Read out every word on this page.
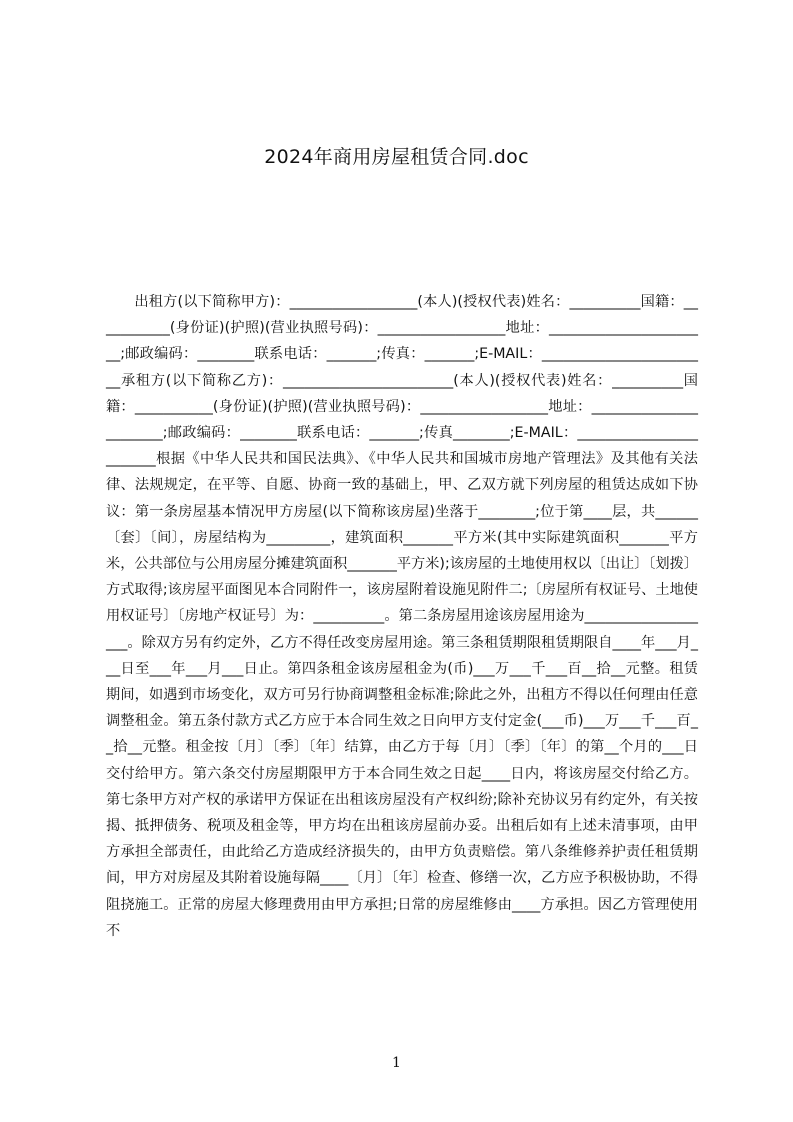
2024年商用房屋租赁合同.doc

出租方(以下简称甲方)：__________________(本人)(授权代表)姓名：__________国籍：___________(身份证)(护照)(营业执照号码)：__________________地址：_______________________;邮政编码：________联系电话：_______;传真：_______;E-MAIL：________________________承租方(以下简称乙方)：________________________(本人)(授权代表)姓名：__________国籍：___________(身份证)(护照)(营业执照号码)：__________________地址：_______________________;邮政编码：________联系电话：_______;传真________;E-MAIL：________________________根据《中华人民共和国民法典》、《中华人民共和国城市房地产管理法》及其他有关法律、法规规定，在平等、自愿、协商一致的基础上，甲、乙双方就下列房屋的租赁达成如下协议：第一条房屋基本情况甲方房屋(以下简称该房屋)坐落于________;位于第____层，共______〔套〕〔间〕，房屋结构为_________，建筑面积_______平方米(其中实际建筑面积_______平方米，公共部位与公用房屋分摊建筑面积_______平方米);该房屋的土地使用权以〔出让〕〔划拨〕方式取得;该房屋平面图见本合同附件一，该房屋附着设施见附件二;〔房屋所有权证号、土地使用权证号〕〔房地产权证号〕为：__________。第二条房屋用途该房屋用途为___________________。除双方另有约定外，乙方不得任改变房屋用途。第三条租赁期限租赁期限自____年___月___日至___年___月___日止。第四条租金该房屋租金为(币)___万___千___百__拾__元整。租赁期间，如遇到市场变化，双方可另行协商调整租金标准;除此之外，出租方不得以任何理由任意调整租金。第五条付款方式乙方应于本合同生效之日向甲方支付定金(___币)___万___千___百__拾__元整。租金按〔月〕〔季〕〔年〕结算，由乙方于每〔月〕〔季〕〔年〕的第__个月的___日交付给甲方。第六条交付房屋期限甲方于本合同生效之日起____日内，将该房屋交付给乙方。第七条甲方对产权的承诺甲方保证在出租该房屋没有产权纠纷;除补充协议另有约定外，有关按揭、抵押债务、税项及租金等，甲方均在出租该房屋前办妥。出租后如有上述未清事项，由甲方承担全部责任，由此给乙方造成经济损失的，由甲方负责赔偿。第八条维修养护责任租赁期间，甲方对房屋及其附着设施每隔____〔月〕〔年〕检查、修缮一次，乙方应予积极协助，不得阻挠施工。正常的房屋大修理费用由甲方承担;日常的房屋维修由____方承担。因乙方管理使用不

1
